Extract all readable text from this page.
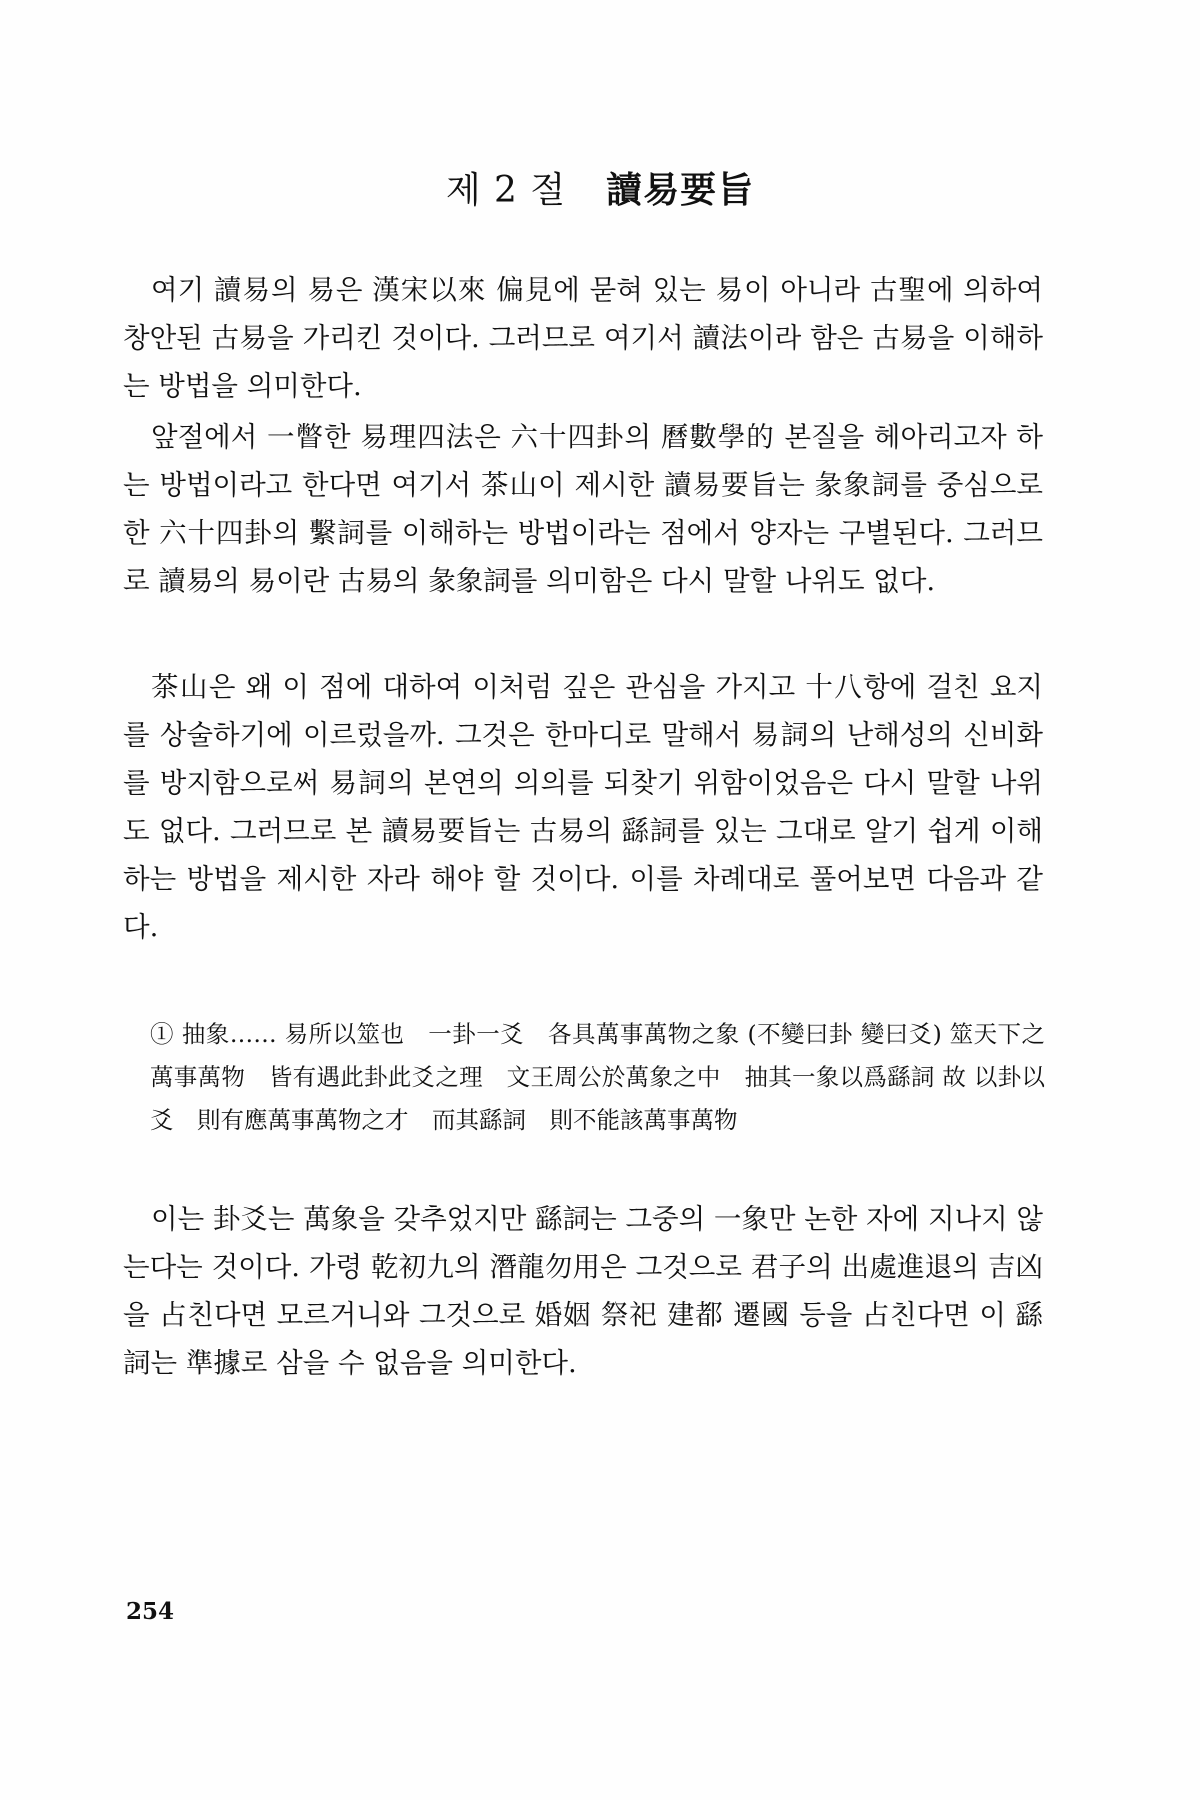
제 2 절 讀易要旨

여기 讀易의 易은 漢宋以來 偏見에 묻혀 있는 易이 아니라 古聖에 의하여 창안된 古易을 가리킨 것이다. 그러므로 여기서 讀法이라 함은 古易을 이해하는 방법을 의미한다.

앞절에서 一瞥한 易理四法은 六十四卦의 曆數學的 본질을 헤아리고자 하는 방법이라고 한다면 여기서 茶山이 제시한 讀易要旨는 彖象詞를 중심으로 한 六十四卦의 繫詞를 이해하는 방법이라는 점에서 양자는 구별된다. 그러므로 讀易의 易이란 古易의 彖象詞를 의미함은 다시 말할 나위도 없다.

茶山은 왜 이 점에 대하여 이처럼 깊은 관심을 가지고 十八항에 걸친 요지를 상술하기에 이르렀을까. 그것은 한마디로 말해서 易詞의 난해성의 신비화를 방지함으로써 易詞의 본연의 의의를 되찾기 위함이었음은 다시 말할 나위도 없다. 그러므로 본 讀易要旨는 古易의 繇詞를 있는 그대로 알기 쉽게 이해하는 방법을 제시한 자라 해야 할 것이다. 이를 차례대로 풀어보면 다음과 같다.

① 抽象…… 易所以筮也　一卦一爻　各具萬事萬物之象 (不變曰卦 變曰爻) 筮天下之萬事萬物　皆有遇此卦此爻之理　文王周公於萬象之中　抽其一象以爲繇詞 故 以卦以爻　則有應萬事萬物之才　而其繇詞　則不能該萬事萬物

이는 卦爻는 萬象을 갖추었지만 繇詞는 그중의 一象만 논한 자에 지나지 않는다는 것이다. 가령 乾初九의 潛龍勿用은 그것으로 君子의 出處進退의 吉凶을 占친다면 모르거니와 그것으로 婚姻 祭祀 建都 遷國 등을 占친다면 이 繇詞는 準據로 삼을 수 없음을 의미한다.

254
